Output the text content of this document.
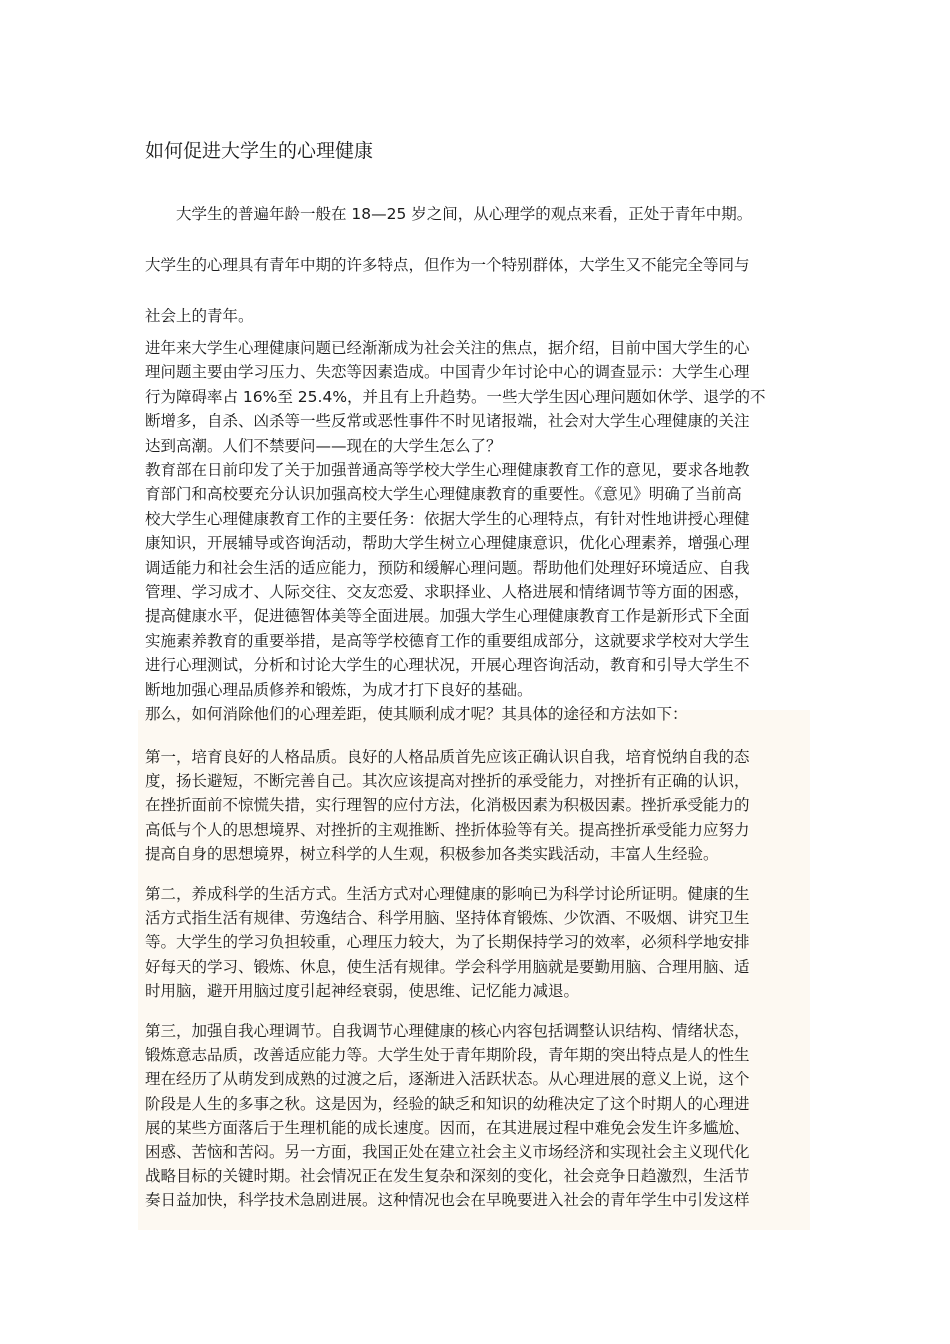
如何促进大学生的心理健康
大学生的普遍年龄一般在 18—25 岁之间，从心理学的观点来看，正处于青年中期。
大学生的心理具有青年中期的许多特点，但作为一个特别群体，大学生又不能完全等同与
社会上的青年。

进年来大学生心理健康问题已经渐渐成为社会关注的焦点，据介绍，目前中国大学生的心
理问题主要由学习压力、失恋等因素造成。中国青少年讨论中心的调查显示：大学生心理
行为障碍率占 16%至 25.4%，并且有上升趋势。一些大学生因心理问题如休学、退学的不
断增多，自杀、凶杀等一些反常或恶性事件不时见诸报端，社会对大学生心理健康的关注
达到高潮。人们不禁要问——现在的大学生怎么了？

教育部在日前印发了关于加强普通高等学校大学生心理健康教育工作的意见，要求各地教
育部门和高校要充分认识加强高校大学生心理健康教育的重要性。《意见》明确了当前高
校大学生心理健康教育工作的主要任务：依据大学生的心理特点，有针对性地讲授心理健
康知识，开展辅导或咨询活动，帮助大学生树立心理健康意识，优化心理素养，增强心理
调适能力和社会生活的适应能力，预防和缓解心理问题。帮助他们处理好环境适应、自我
管理、学习成才、人际交往、交友恋爱、求职择业、人格进展和情绪调节等方面的困惑，
提高健康水平，促进德智体美等全面进展。加强大学生心理健康教育工作是新形式下全面
实施素养教育的重要举措，是高等学校德育工作的重要组成部分，这就要求学校对大学生
进行心理测试，分析和讨论大学生的心理状况，开展心理咨询活动，教育和引导大学生不
断地加强心理品质修养和锻炼，为成才打下良好的基础。

那么，如何消除他们的心理差距，使其顺利成才呢？其具体的途径和方法如下：

第一，培育良好的人格品质。良好的人格品质首先应该正确认识自我，培育悦纳自我的态
度，扬长避短，不断完善自己。其次应该提高对挫折的承受能力，对挫折有正确的认识，
在挫折面前不惊慌失措，实行理智的应付方法，化消极因素为积极因素。挫折承受能力的
高低与个人的思想境界、对挫折的主观推断、挫折体验等有关。提高挫折承受能力应努力
提高自身的思想境界，树立科学的人生观，积极参加各类实践活动，丰富人生经验。

第二，养成科学的生活方式。生活方式对心理健康的影响已为科学讨论所证明。健康的生
活方式指生活有规律、劳逸结合、科学用脑、坚持体育锻炼、少饮酒、不吸烟、讲究卫生
等。大学生的学习负担较重，心理压力较大，为了长期保持学习的效率，必须科学地安排
好每天的学习、锻炼、休息，使生活有规律。学会科学用脑就是要勤用脑、合理用脑、适
时用脑，避开用脑过度引起神经衰弱，使思维、记忆能力减退。

第三，加强自我心理调节。自我调节心理健康的核心内容包括调整认识结构、情绪状态，
锻炼意志品质，改善适应能力等。大学生处于青年期阶段，青年期的突出特点是人的性生
理在经历了从萌发到成熟的过渡之后，逐渐进入活跃状态。从心理进展的意义上说，这个
阶段是人生的多事之秋。这是因为，经验的缺乏和知识的幼稚决定了这个时期人的心理进
展的某些方面落后于生理机能的成长速度。因而，在其进展过程中难免会发生许多尴尬、
困惑、苦恼和苦闷。另一方面，我国正处在建立社会主义市场经济和实现社会主义现代化
战略目标的关键时期。社会情况正在发生复杂和深刻的变化，社会竞争日趋激烈，生活节
奏日益加快，科学技术急剧进展。这种情况也会在早晚要进入社会的青年学生中引发这样
